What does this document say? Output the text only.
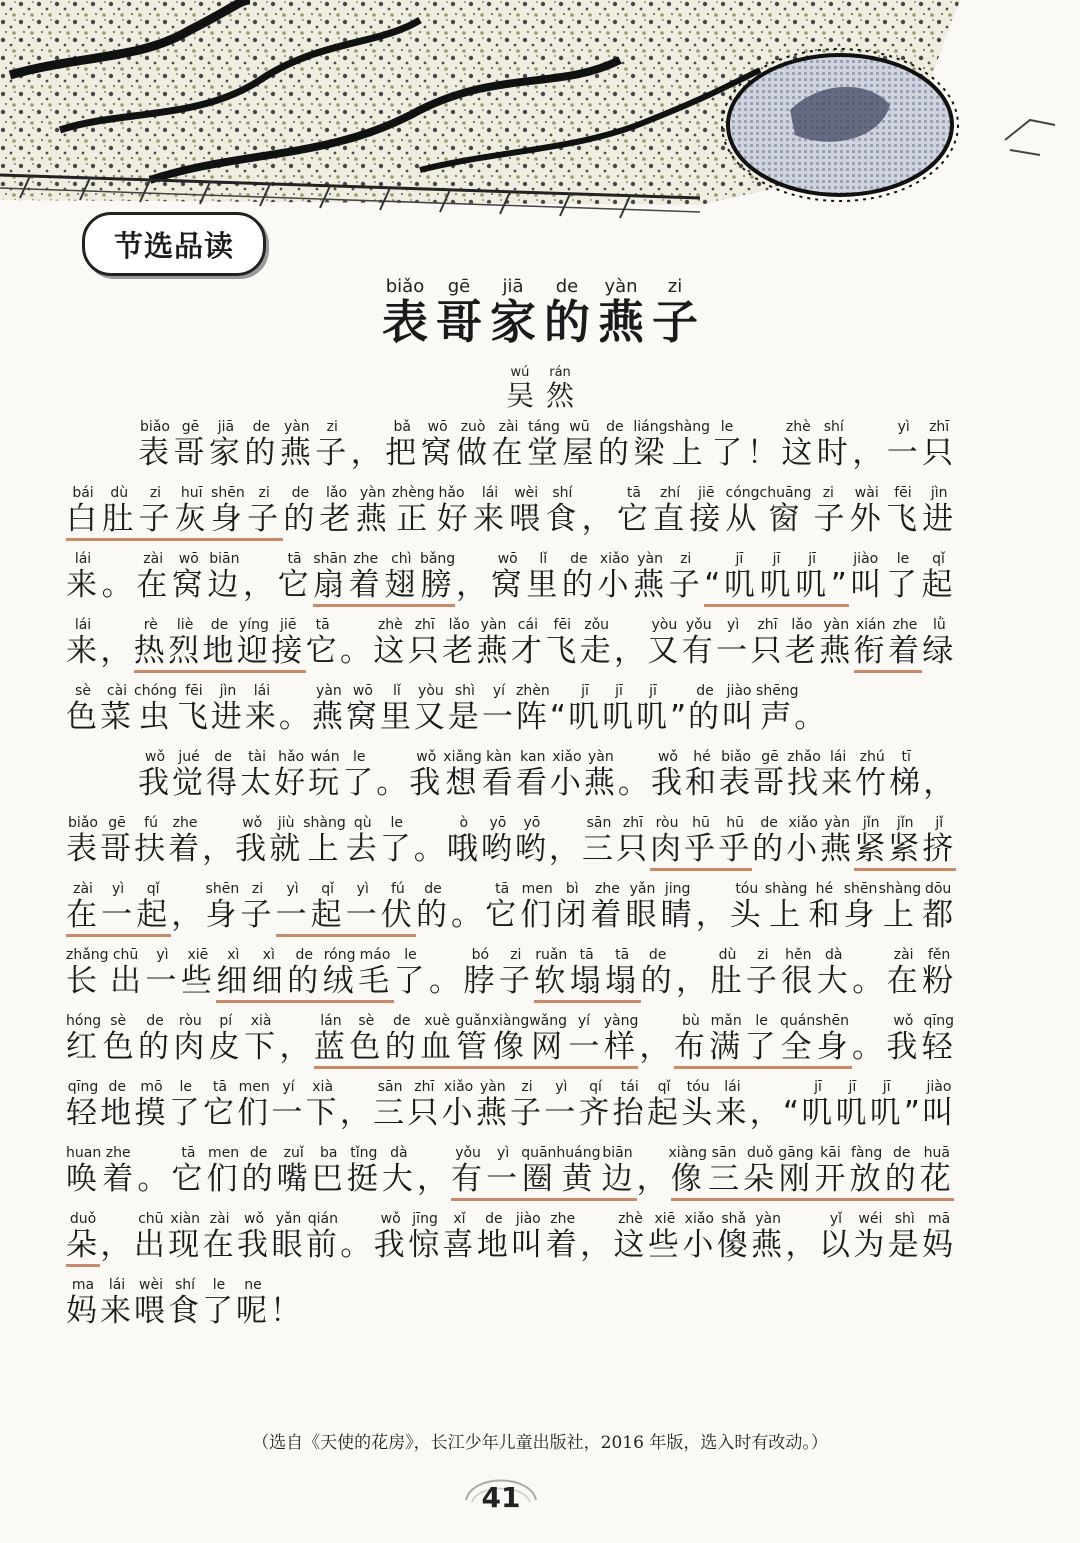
节选品读
表biǎo哥gē家jiā的de燕yàn子zi
吴wú然rán

表biǎo哥gē家jiā的de燕yàn子zi，把bǎ窝wō做zuò在zài堂táng屋wū的de梁liáng上shàng了le！这zhè时shí，一yì只zhī白bái肚dù子zi灰huī身shēn子zi的de老lǎo燕yàn正zhèng好hǎo来lái喂wèi食shí，它tā直zhí接jiē从cóng窗chuāng子zi外wài飞fēi进jìn来lái。在zài窝wō边biān，它tā扇shān着zhe翅chì膀bǎng，窝wō里lǐ的de小xiǎo燕yàn子zi“叽jī叽jī叽jī”叫jiào了le起qǐ来lái，热rè烈liè地de迎yíng接jiē它tā。这zhè只zhī老lǎo燕yàn才cái飞fēi走zǒu，又yòu有yǒu一yì只zhī老lǎo燕yàn衔xián着zhe绿lǜ色sè菜cài虫chóng飞fēi进jìn来lái。燕yàn窝wō里lǐ又yòu是shì一yí阵zhèn“叽jī叽jī叽jī”的de叫jiào声shēng。

我wǒ觉jué得de太tài好hǎo玩wán了le。我wǒ想xiǎng看kàn看kan小xiǎo燕yàn。我wǒ和hé表biǎo哥gē找zhǎo来lái竹zhú梯tī，表biǎo哥gē扶fú着zhe，我wǒ就jiù上shàng去qù了le。哦ò哟yō哟yō，三sān只zhī肉ròu乎hū乎hū的de小xiǎo燕yàn紧jǐn紧jǐn挤jǐ在zài一yì起qǐ，身shēn子zi一yì起qǐ一yì伏fú的de。它tā们men闭bì着zhe眼yǎn睛jing，头tóu上shàng和hé身shēn上shàng都dōu长zhǎng出chū一yì些xiē细xì细xì的de绒róng毛máo了le。脖bó子zi软ruǎn塌tā塌tā的de，肚dù子zi很hěn大dà。在zài粉fěn红hóng色sè的de肉ròu皮pí下xià，蓝lán色sè的de血xuè管guǎn像xiàng网wǎng一yí样yàng，布bù满mǎn了le全quán身shēn。我wǒ轻qīng轻qīng地de摸mō了le它tā们men一yí下xià，三sān只zhī小xiǎo燕yàn子zi一yì齐qí抬tái起qǐ头tóu来lái，“叽jī叽jī叽jī”叫jiào唤huan着zhe。它tā们men的de嘴zuǐ巴ba挺tǐng大dà，有yǒu一yì圈quān黄huáng边biān，像xiàng三sān朵duǒ刚gāng开kāi放fàng的de花huā朵duǒ，出chū现xiàn在zài我wǒ眼yǎn前qián。我wǒ惊jīng喜xǐ地de叫jiào着zhe，这zhè些xiē小xiǎo傻shǎ燕yàn，以yǐ为wéi是shì妈mā妈ma来lái喂wèi食shí了le呢ne！

（选自《天使的花房》，长江少年儿童出版社，2016 年版，选入时有改动。）
41
